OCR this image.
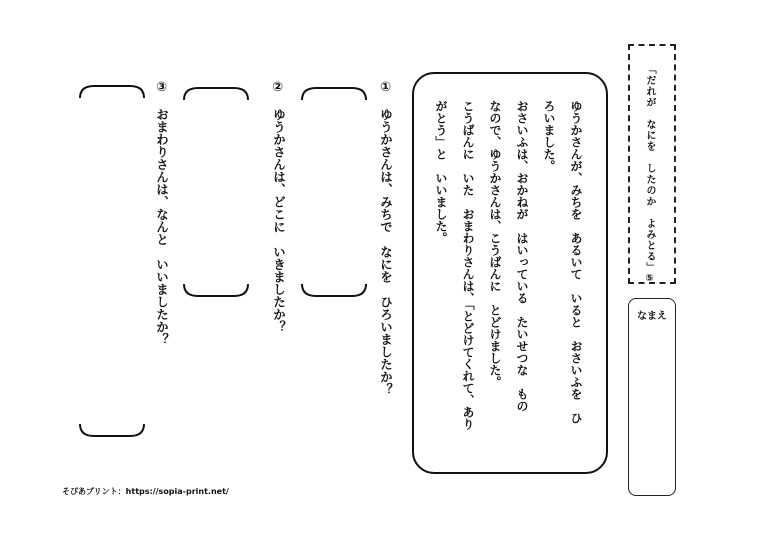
「だれが　なにを　したのか　よみとる」⑤
なまえ
ゆうかさんが、みちを　あるいて　いると　おさいふを　ひ
ろいました。
おさいふは、おかねが　はいっている　たいせつな　もの
なので、ゆうかさんは、こうばんに　とどけました。
こうばんに　いた　おまわりさんは、「とどけてくれて、あり
がとう」と　いいました。
①
ゆうかさんは、みちで　なにを　ひろいましたか？
②
ゆうかさんは、どこに　いきましたか？
③
おまわりさんは、なんと　いいましたか？
そぴあプリント：https://sopia-print.net/
